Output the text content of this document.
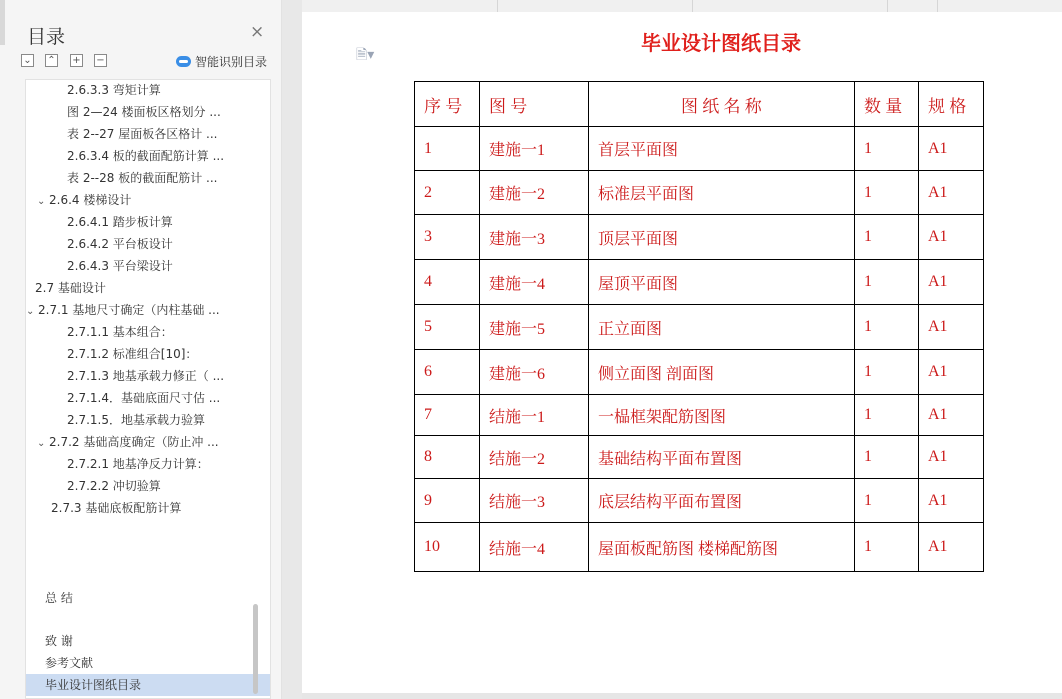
目录	×
⌄ ⌃ + −	智能识别目录
2.6.3.3 弯矩计算
图 2—24 楼面板区格划分 ...
表 2--27 屋面板各区格计 ...
2.6.3.4 板的截面配筋计算 ...
表 2--28 板的截面配筋计 ...
⌄ 2.6.4 楼梯设计
2.6.4.1 踏步板计算
2.6.4.2 平台板设计
2.6.4.3 平台梁设计
2.7 基础设计
⌄ 2.7.1 基地尺寸确定（内柱基础 ...
2.7.1.1 基本组合：
2.7.1.2 标准组合[10]：
2.7.1.3 地基承载力修正（ ...
2.7.1.4．基础底面尺寸估 ...
2.7.1.5．地基承载力验算
⌄ 2.7.2 基础高度确定（防止冲 ...
2.7.2.1 地基净反力计算：
2.7.2.2 冲切验算
2.7.3 基础底板配筋计算
总 结
致 谢
参考文献
毕业设计图纸目录
🗎▾	毕业设计图纸目录
序 号	图 号	图 纸 名 称	数 量	规 格
1	建施一1	首层平面图	1	A1
2	建施一2	标准层平面图	1	A1
3	建施一3	顶层平面图	1	A1
4	建施一4	屋顶平面图	1	A1
5	建施一5	正立面图	1	A1
6	建施一6	侧立面图 剖面图	1	A1
7	结施一1	一榀框架配筋图图	1	A1
8	结施一2	基础结构平面布置图	1	A1
9	结施一3	底层结构平面布置图	1	A1
10	结施一4	屋面板配筋图 楼梯配筋图	1	A1
